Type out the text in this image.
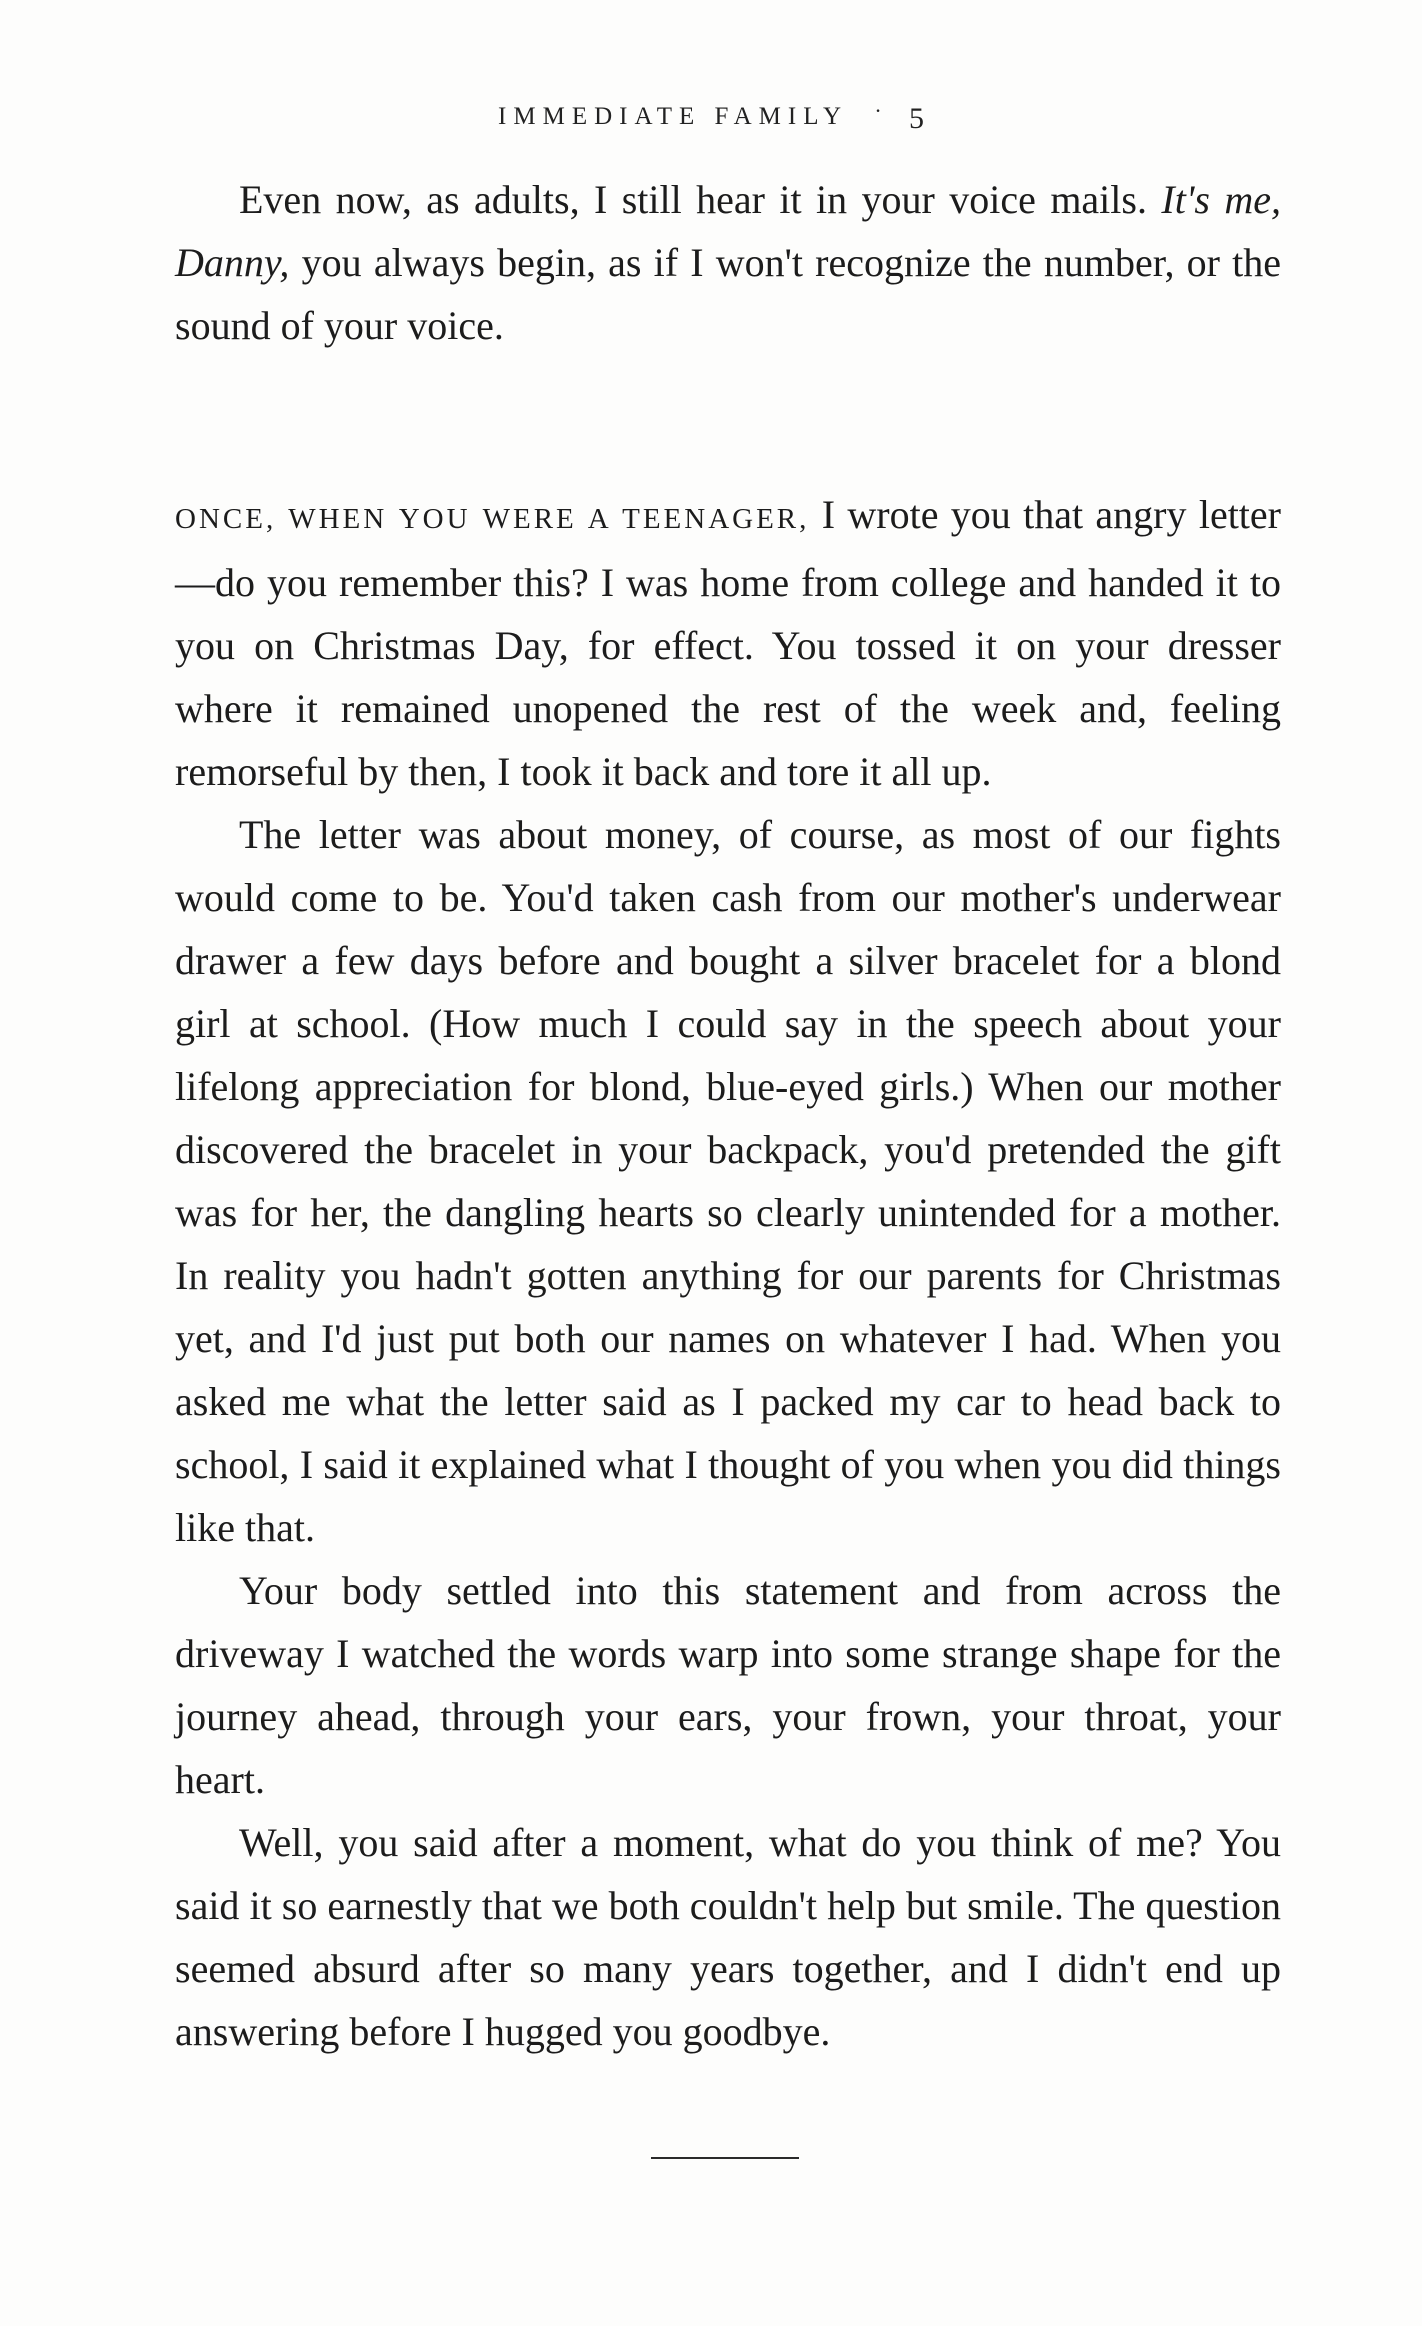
IMMEDIATE FAMILY · 5

Even now, as adults, I still hear it in your voice mails. It's me, Danny, you always begin, as if I won't recognize the number, or the sound of your voice.

ONCE, WHEN YOU WERE A TEENAGER, I wrote you that angry letter—do you remember this? I was home from college and handed it to you on Christmas Day, for effect. You tossed it on your dresser where it remained unopened the rest of the week and, feeling remorseful by then, I took it back and tore it all up.

The letter was about money, of course, as most of our fights would come to be. You'd taken cash from our mother's underwear drawer a few days before and bought a silver bracelet for a blond girl at school. (How much I could say in the speech about your lifelong appreciation for blond, blue-eyed girls.) When our mother discovered the bracelet in your backpack, you'd pretended the gift was for her, the dangling hearts so clearly unintended for a mother. In reality you hadn't gotten anything for our parents for Christmas yet, and I'd just put both our names on whatever I had. When you asked me what the letter said as I packed my car to head back to school, I said it explained what I thought of you when you did things like that.

Your body settled into this statement and from across the driveway I watched the words warp into some strange shape for the journey ahead, through your ears, your frown, your throat, your heart.

Well, you said after a moment, what do you think of me? You said it so earnestly that we both couldn't help but smile. The question seemed absurd after so many years together, and I didn't end up answering before I hugged you goodbye.
